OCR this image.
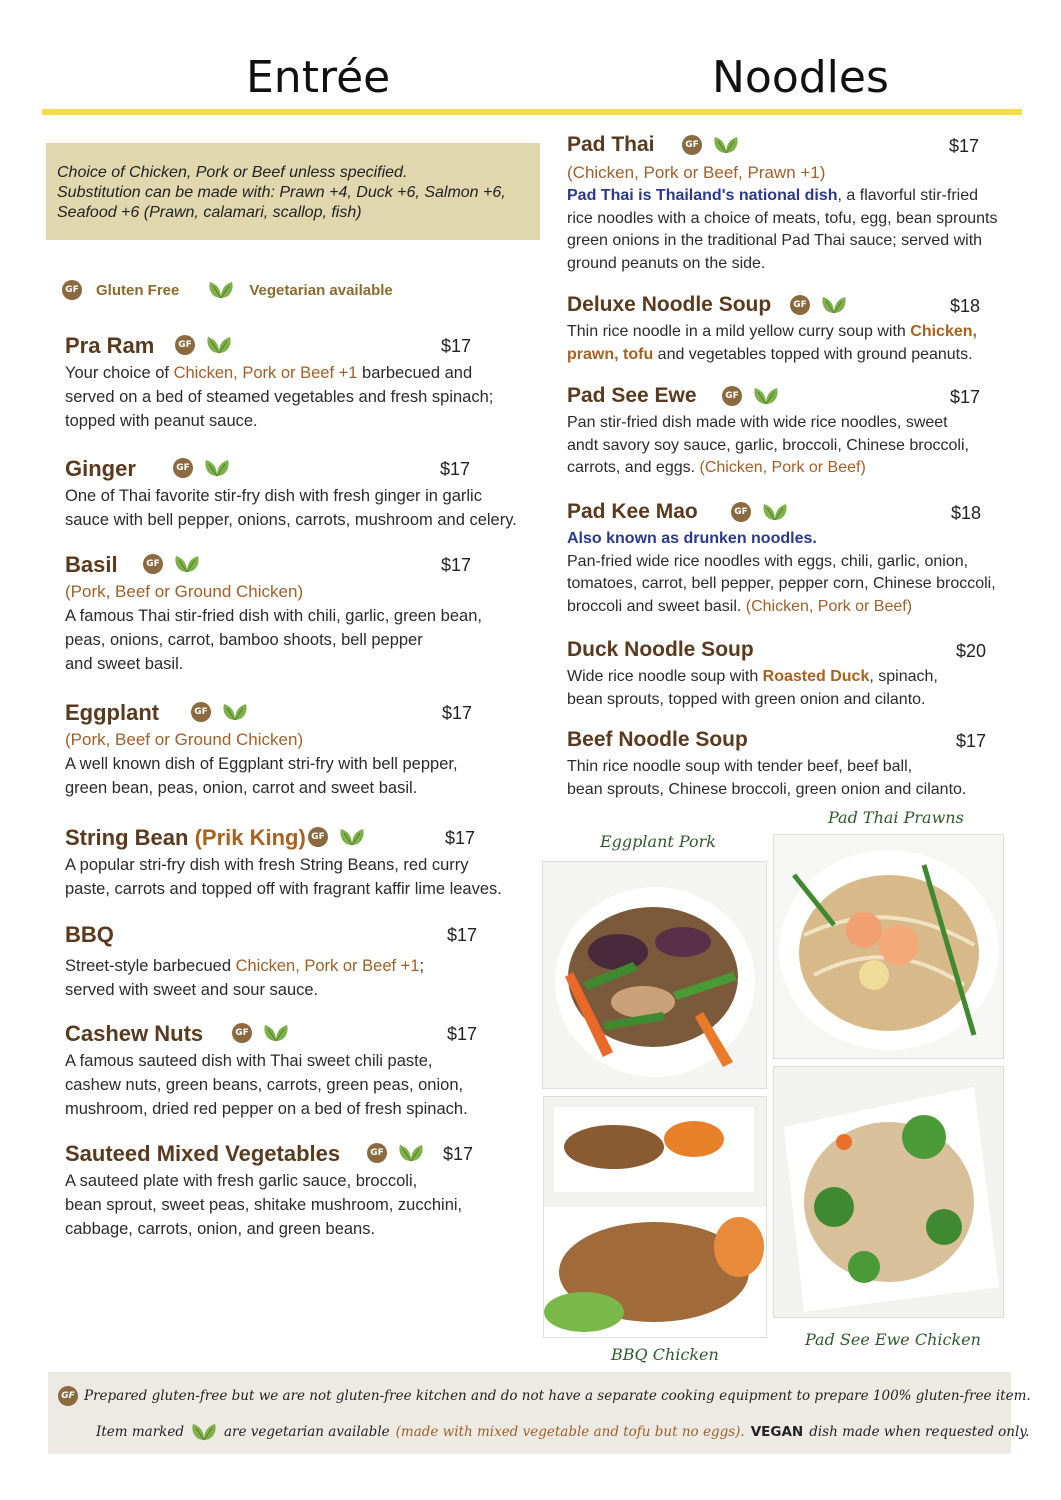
Entrée	Noodles
Choice of Chicken, Pork or Beef unless specified.
Substitution can be made with: Prawn +4, Duck +6, Salmon +6,
Seafood +6 (Prawn, calamari, scallop, fish)
GF Gluten Free	Vegetarian available
Pra Ram	GF	$17
Your choice of Chicken, Pork or Beef +1 barbecued and
served on a bed of steamed vegetables and fresh spinach;
topped with peanut sauce.
Ginger	GF	$17
One of Thai favorite stir-fry dish with fresh ginger in garlic
sauce with bell pepper, onions, carrots, mushroom and celery.
Basil	GF	$17
(Pork, Beef or Ground Chicken)
A famous Thai stir-fried dish with chili, garlic, green bean,
peas, onions, carrot, bamboo shoots, bell pepper
and sweet basil.
Eggplant	GF	$17
(Pork, Beef or Ground Chicken)
A well known dish of Eggplant stri-fry with bell pepper,
green bean, peas, onion, carrot and sweet basil.
String Bean (Prik King) GF	$17
A popular stri-fry dish with fresh String Beans, red curry
paste, carrots and topped off with fragrant kaffir lime leaves.
BBQ	$17
Street-style barbecued Chicken, Pork or Beef +1;
served with sweet and sour sauce.
Cashew Nuts	GF	$17
A famous sauteed dish with Thai sweet chili paste,
cashew nuts, green beans, carrots, green peas, onion,
mushroom, dried red pepper on a bed of fresh spinach.
Sauteed Mixed Vegetables	GF	$17
A sauteed plate with fresh garlic sauce, broccoli,
bean sprout, sweet peas, shitake mushroom, zucchini,
cabbage, carrots, onion, and green beans.
Pad Thai	GF	$17
(Chicken, Pork or Beef, Prawn +1)
Pad Thai is Thailand's national dish, a flavorful stir-fried
rice noodles with a choice of meats, tofu, egg, bean sprounts
green onions in the traditional Pad Thai sauce; served with
ground peanuts on the side.
Deluxe Noodle Soup	GF	$18
Thin rice noodle in a mild yellow curry soup with Chicken,
prawn, tofu and vegetables topped with ground peanuts.
Pad See Ewe	GF	$17
Pan stir-fried dish made with wide rice noodles, sweet
andt savory soy sauce, garlic, broccoli, Chinese broccoli,
carrots, and eggs. (Chicken, Pork or Beef)
Pad Kee Mao	GF	$18
Also known as drunken noodles.
Pan-fried wide rice noodles with eggs, chili, garlic, onion,
tomatoes, carrot, bell pepper, pepper corn, Chinese broccoli,
broccoli and sweet basil. (Chicken, Pork or Beef)
Duck Noodle Soup	$20
Wide rice noodle soup with Roasted Duck, spinach,
bean sprouts, topped with green onion and cilanto.
Beef Noodle Soup	$17
Thin rice noodle soup with tender beef, beef ball,
bean sprouts, Chinese broccoli, green onion and cilanto.
Eggplant Pork
Pad Thai Prawns
BBQ Chicken
Pad See Ewe Chicken
GF Prepared gluten-free but we are not gluten-free kitchen and do not have a separate cooking equipment to prepare 100% gluten-free item.
Item marked	are vegetarian available (made with mixed vegetable and tofu but no eggs). VEGAN dish made when requested only.
